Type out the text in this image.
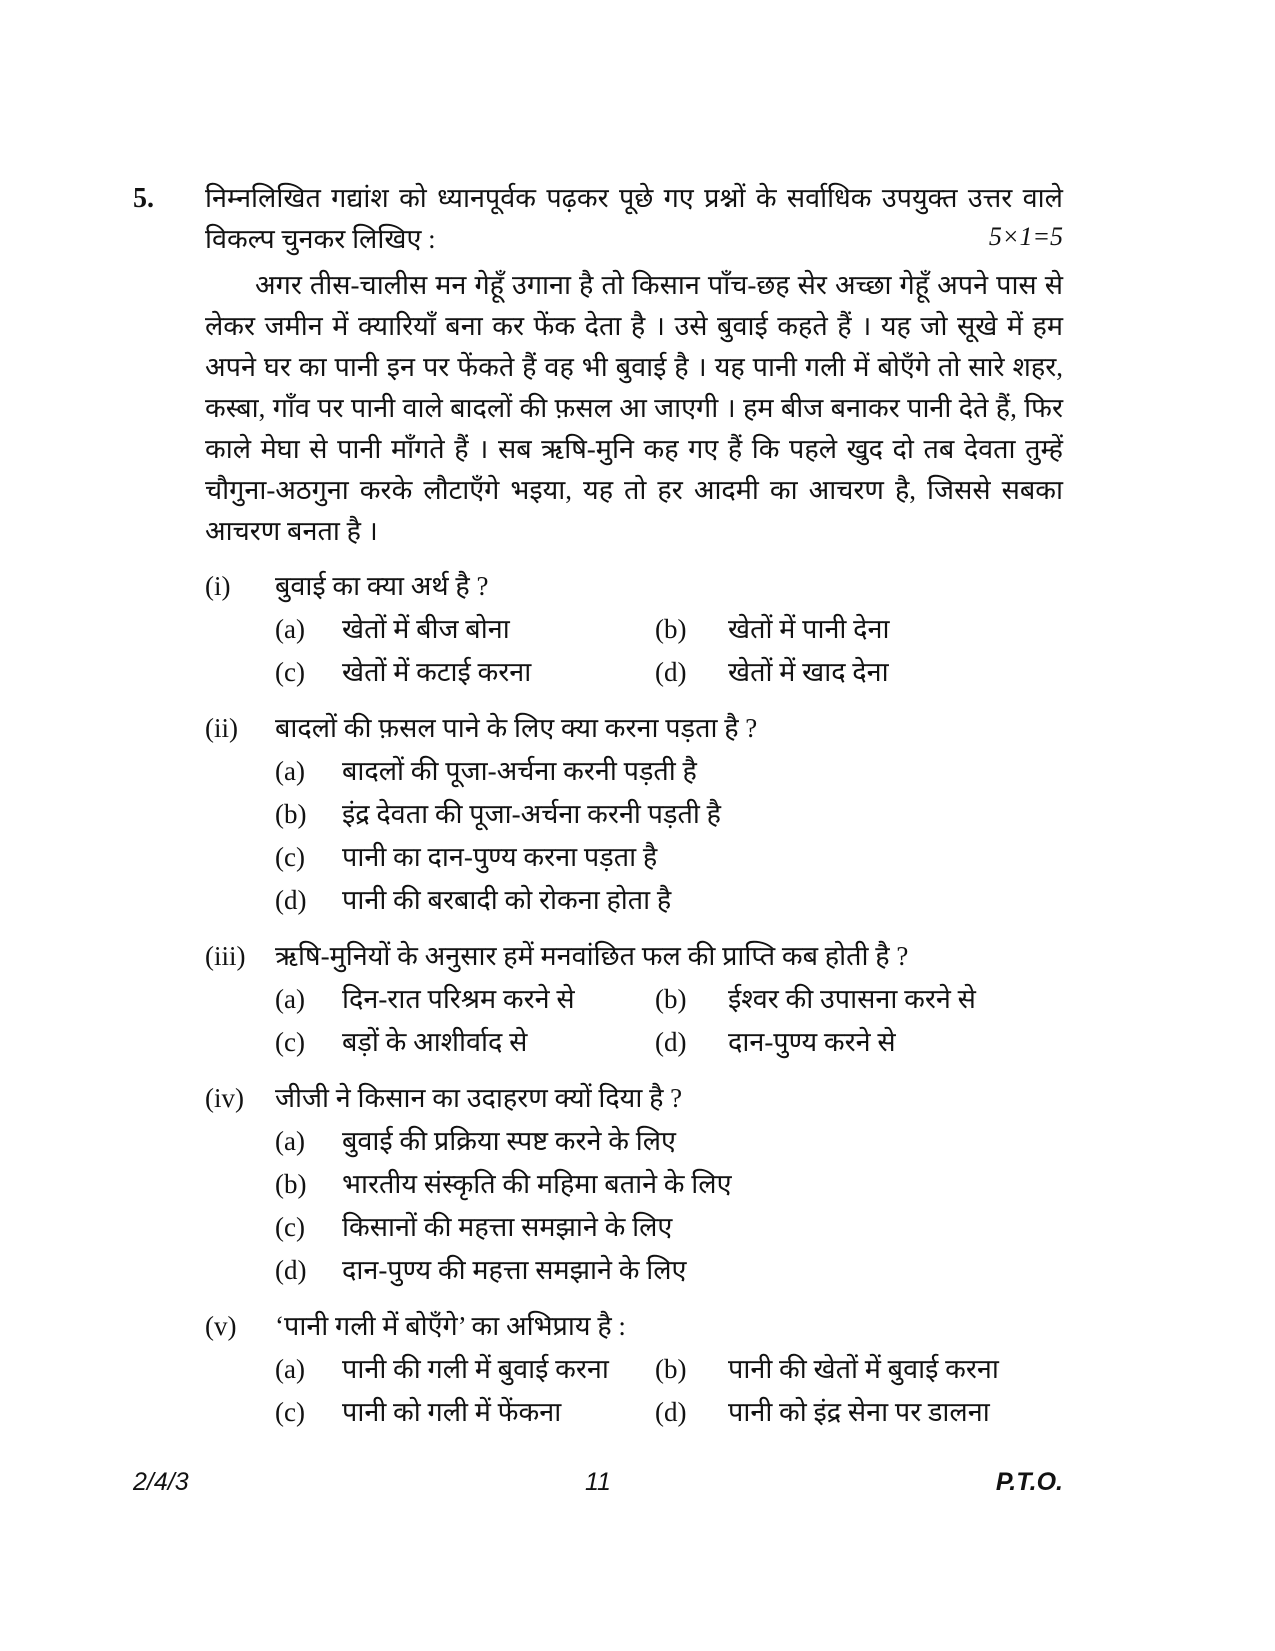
5.	निम्नलिखित गद्यांश को ध्यानपूर्वक पढ़कर पूछे गए प्रश्नों के सर्वाधिक उपयुक्त उत्तर वाले विकल्प चुनकर लिखिए :	5×1=5
अगर तीस-चालीस मन गेहूँ उगाना है तो किसान पाँच-छह सेर अच्छा गेहूँ अपने पास से लेकर जमीन में क्यारियाँ बना कर फेंक देता है । उसे बुवाई कहते हैं । यह जो सूखे में हम अपने घर का पानी इन पर फेंकते हैं वह भी बुवाई है । यह पानी गली में बोएँगे तो सारे शहर, कस्बा, गाँव पर पानी वाले बादलों की फ़सल आ जाएगी । हम बीज बनाकर पानी देते हैं, फिर काले मेघा से पानी माँगते हैं । सब ऋषि-मुनि कह गए हैं कि पहले खुद दो तब देवता तुम्हें चौगुना-अठगुना करके लौटाएँगे भइया, यह तो हर आदमी का आचरण है, जिससे सबका आचरण बनता है ।
(i)	बुवाई का क्या अर्थ है ?
(a)	खेतों में बीज बोना	(b)	खेतों में पानी देना
(c)	खेतों में कटाई करना	(d)	खेतों में खाद देना
(ii)	बादलों की फ़सल पाने के लिए क्या करना पड़ता है ?
(a)	बादलों की पूजा-अर्चना करनी पड़ती है
(b)	इंद्र देवता की पूजा-अर्चना करनी पड़ती है
(c)	पानी का दान-पुण्य करना पड़ता है
(d)	पानी की बरबादी को रोकना होता है
(iii)	ऋषि-मुनियों के अनुसार हमें मनवांछित फल की प्राप्ति कब होती है ?
(a)	दिन-रात परिश्रम करने से	(b)	ईश्वर की उपासना करने से
(c)	बड़ों के आशीर्वाद से	(d)	दान-पुण्य करने से
(iv)	जीजी ने किसान का उदाहरण क्यों दिया है ?
(a)	बुवाई की प्रक्रिया स्पष्ट करने के लिए
(b)	भारतीय संस्कृति की महिमा बताने के लिए
(c)	किसानों की महत्ता समझाने के लिए
(d)	दान-पुण्य की महत्ता समझाने के लिए
(v)	‘पानी गली में बोएँगे’ का अभिप्राय है :
(a)	पानी की गली में बुवाई करना (b)	पानी की खेतों में बुवाई करना
(c)	पानी को गली में फेंकना	(d)	पानी को इंद्र सेना पर डालना
2/4/3	11	P.T.O.
